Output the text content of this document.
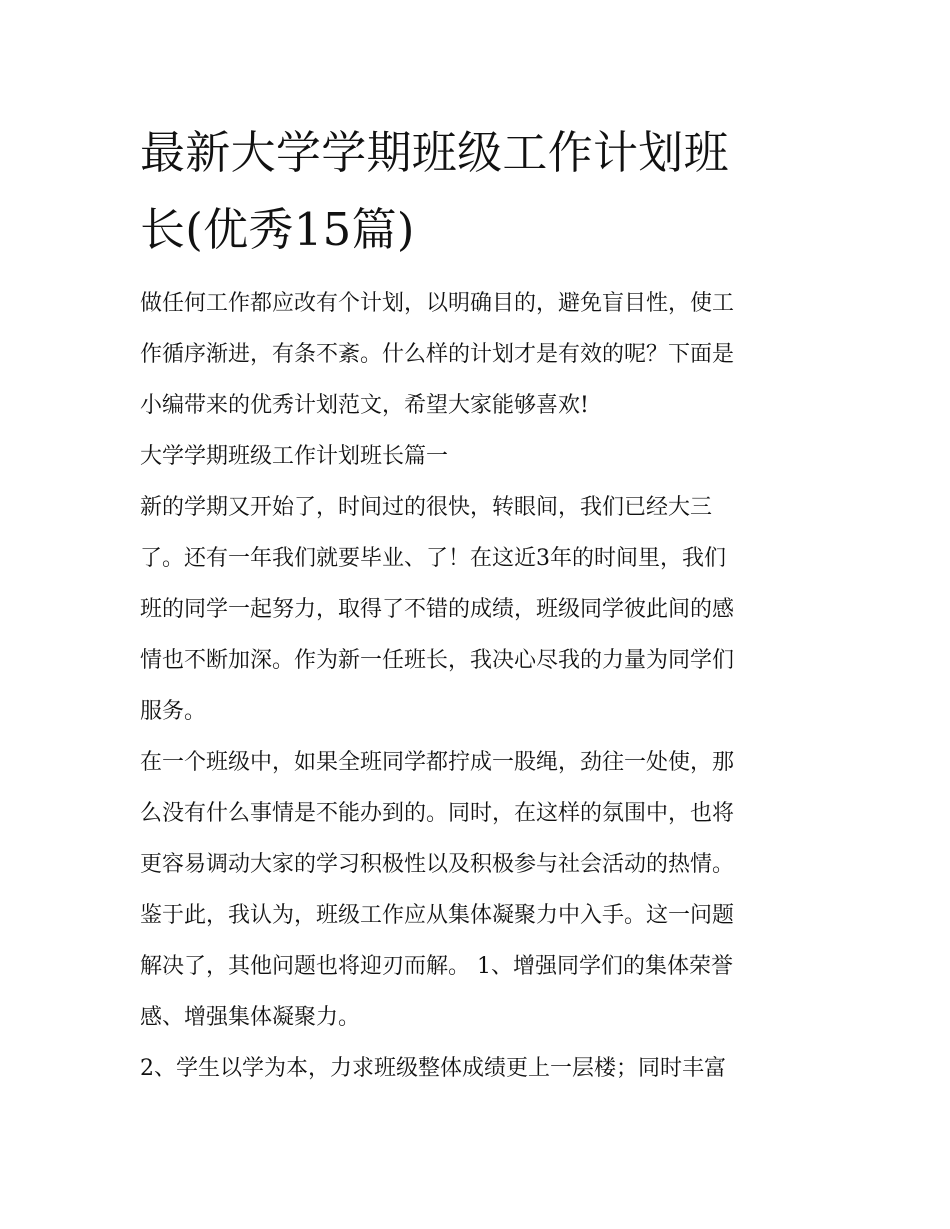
最新大学学期班级工作计划班
长(优秀15篇)
做任何工作都应改有个计划，以明确目的，避免盲目性，使工
作循序渐进，有条不紊。什么样的计划才是有效的呢？下面是
小编带来的优秀计划范文，希望大家能够喜欢!
大学学期班级工作计划班长篇一
新的学期又开始了，时间过的很快，转眼间，我们已经大三
了。还有一年我们就要毕业、了！在这近3年的时间里，我们
班的同学一起努力，取得了不错的成绩，班级同学彼此间的感
情也不断加深。作为新一任班长，我决心尽我的力量为同学们
服务。
在一个班级中，如果全班同学都拧成一股绳，劲往一处使，那
么没有什么事情是不能办到的。同时，在这样的氛围中，也将
更容易调动大家的学习积极性以及积极参与社会活动的热情。
鉴于此，我认为，班级工作应从集体凝聚力中入手。这一问题
解决了，其他问题也将迎刃而解。 1、增强同学们的集体荣誉
感、增强集体凝聚力。
2、学生以学为本，力求班级整体成绩更上一层楼；同时丰富
